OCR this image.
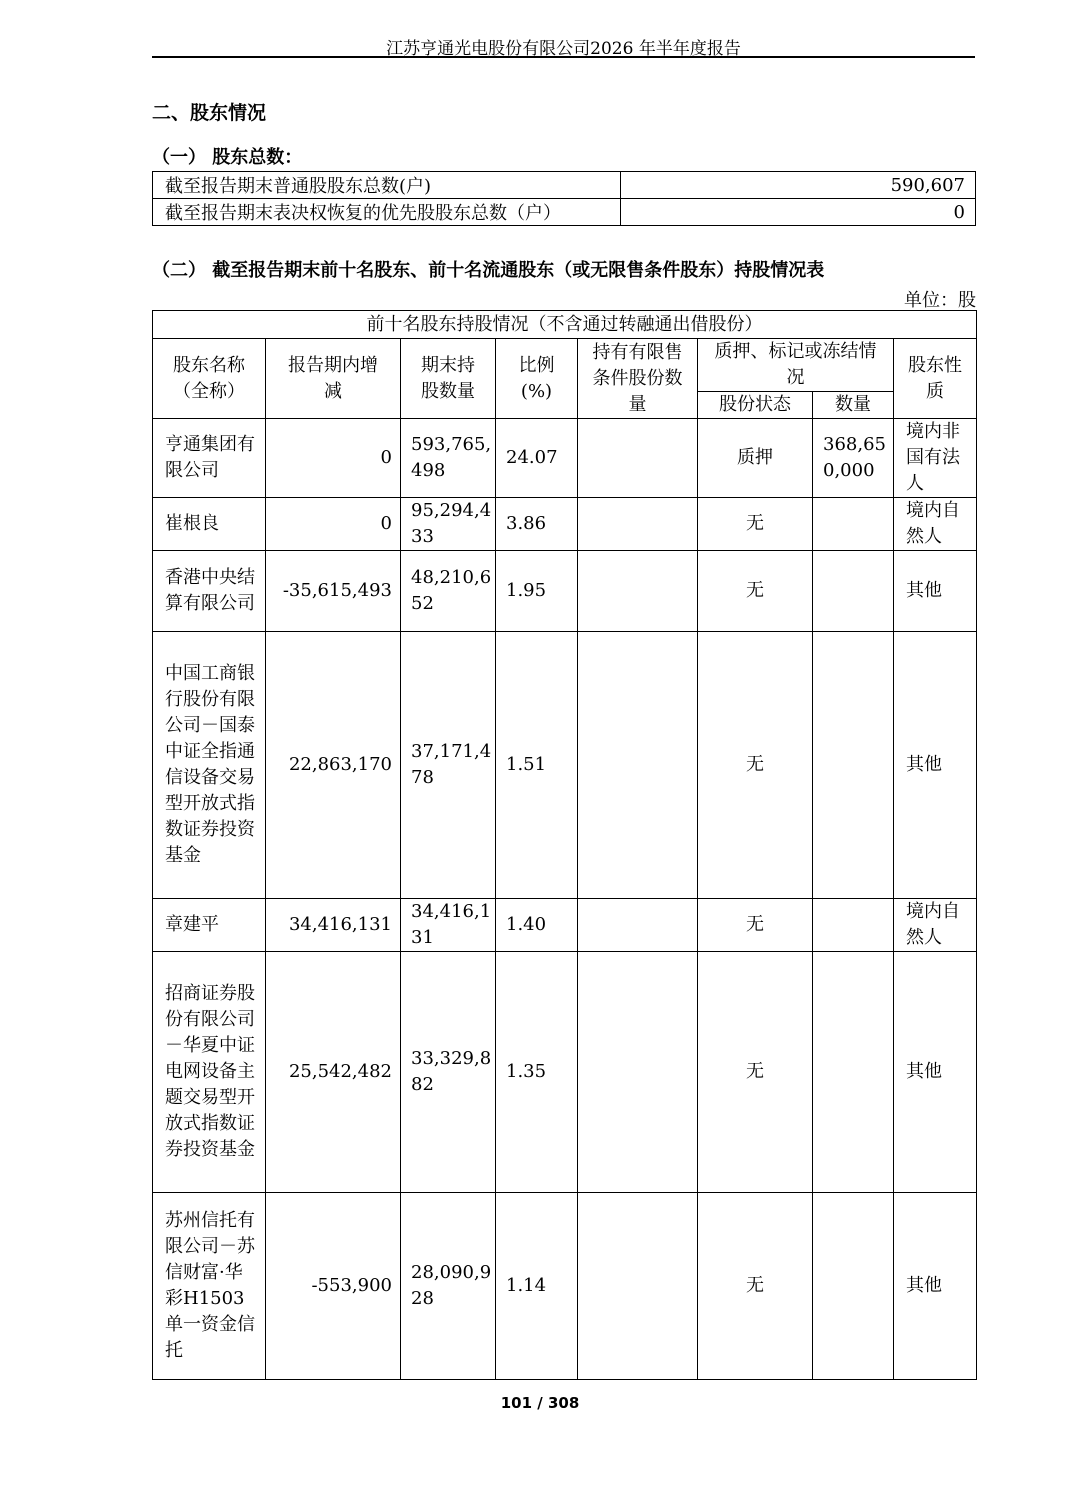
江苏亨通光电股份有限公司2026 年半年度报告
二、股东情况
（一） 股东总数：
截至报告期末普通股股东总数(户)	590,607
截至报告期末表决权恢复的优先股股东总数（户）	0
（二） 截至报告期末前十名股东、前十名流通股东（或无限售条件股东）持股情况表
单位：股
前十名股东持股情况（不含通过转融通出借股份）							
股东名称（全称）	报告期内增减	期末持股数量	比例(%)	持有有限售条件股份数量	质押、标记或冻结情况		股东性质
					股份状态	数量	
亨通集团有限公司	0	593,765,498	24.07		质押	368,650,000	境内非国有法人
崔根良	0	95,294,433	3.86		无		境内自然人
香港中央结算有限公司	-35,615,493	48,210,652	1.95		无		其他
中国工商银行股份有限公司－国泰中证全指通信设备交易型开放式指数证券投资基金	22,863,170	37,171,478	1.51		无		其他
章建平	34,416,131	34,416,131	1.40		无		境内自然人
招商证券股份有限公司－华夏中证电网设备主题交易型开放式指数证券投资基金	25,542,482	33,329,882	1.35		无		其他
苏州信托有限公司－苏信财富·华彩H1503单一资金信托	-553,900	28,090,928	1.14		无		其他
101 / 308
